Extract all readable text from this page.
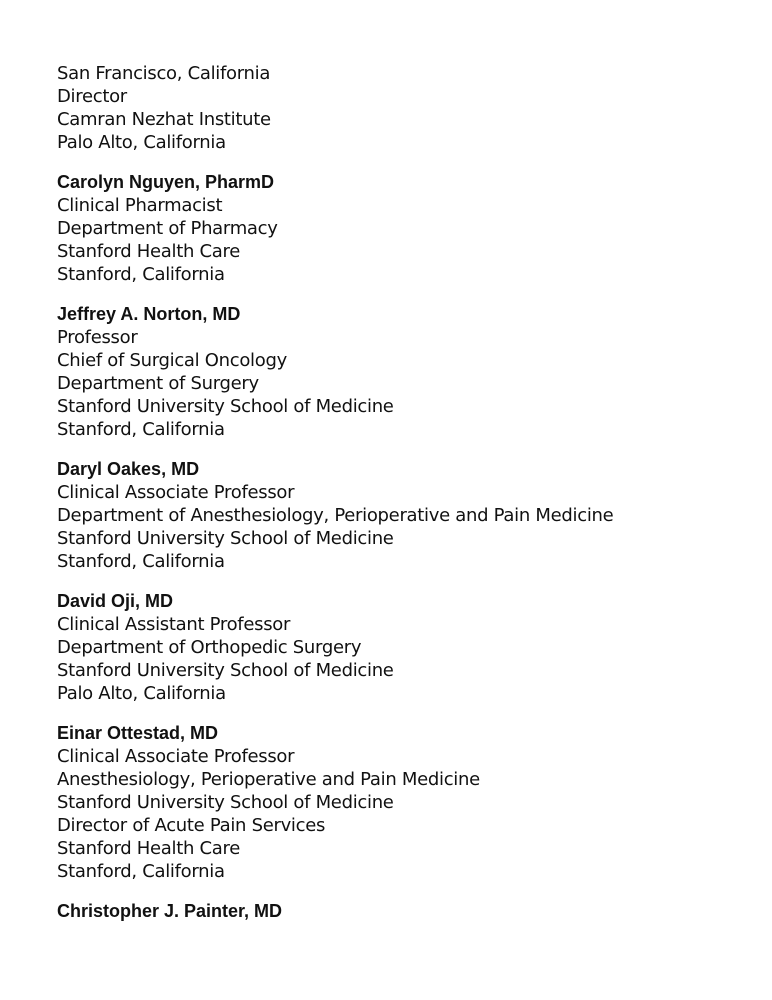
San Francisco, California
Director
Camran Nezhat Institute
Palo Alto, California
Carolyn Nguyen, PharmD
Clinical Pharmacist
Department of Pharmacy
Stanford Health Care
Stanford, California
Jeffrey A. Norton, MD
Professor
Chief of Surgical Oncology
Department of Surgery
Stanford University School of Medicine
Stanford, California
Daryl Oakes, MD
Clinical Associate Professor
Department of Anesthesiology, Perioperative and Pain Medicine
Stanford University School of Medicine
Stanford, California
David Oji, MD
Clinical Assistant Professor
Department of Orthopedic Surgery
Stanford University School of Medicine
Palo Alto, California
Einar Ottestad, MD
Clinical Associate Professor
Anesthesiology, Perioperative and Pain Medicine
Stanford University School of Medicine
Director of Acute Pain Services
Stanford Health Care
Stanford, California
Christopher J. Painter, MD
